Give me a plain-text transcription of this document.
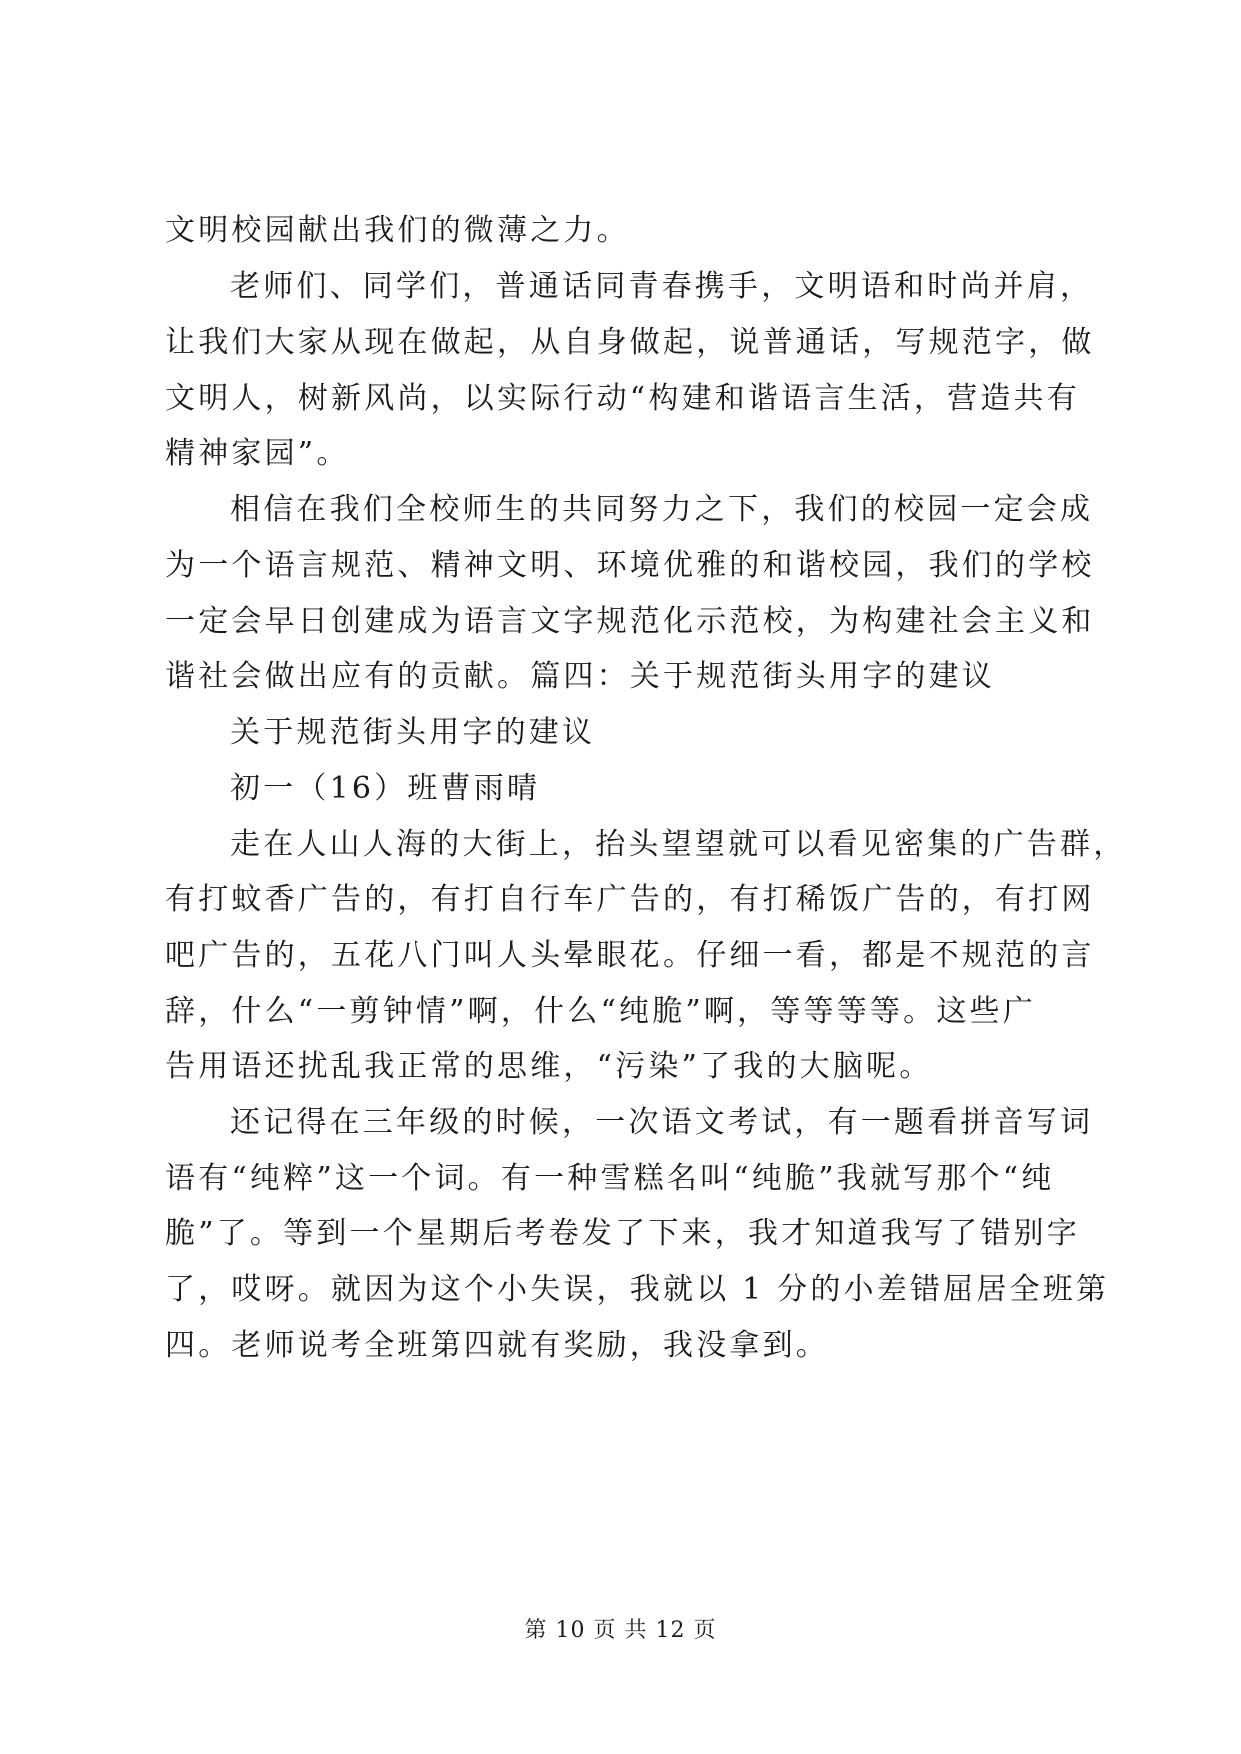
文明校园献出我们的微薄之力。
老师们、同学们，普通话同青春携手，文明语和时尚并肩，
让我们大家从现在做起，从自身做起，说普通话，写规范字，做
文明人，树新风尚，以实际行动“构建和谐语言生活，营造共有
精神家园”。
相信在我们全校师生的共同努力之下，我们的校园一定会成
为一个语言规范、精神文明、环境优雅的和谐校园，我们的学校
一定会早日创建成为语言文字规范化示范校，为构建社会主义和
谐社会做出应有的贡献。篇四：关于规范街头用字的建议
关于规范街头用字的建议
初一（16）班曹雨晴
走在人山人海的大街上，抬头望望就可以看见密集的广告群，
有打蚊香广告的，有打自行车广告的，有打稀饭广告的，有打网
吧广告的，五花八门叫人头晕眼花。仔细一看，都是不规范的言
辞，什么“一剪钟情”啊，什么“纯脆”啊，等等等等。这些广
告用语还扰乱我正常的思维，“污染”了我的大脑呢。
还记得在三年级的时候，一次语文考试，有一题看拼音写词
语有“纯粹”这一个词。有一种雪糕名叫“纯脆”我就写那个“纯
脆”了。等到一个星期后考卷发了下来，我才知道我写了错别字
了，哎呀。就因为这个小失误，我就以 1 分的小差错屈居全班第
四。老师说考全班第四就有奖励，我没拿到。
第 10 页 共 12 页
